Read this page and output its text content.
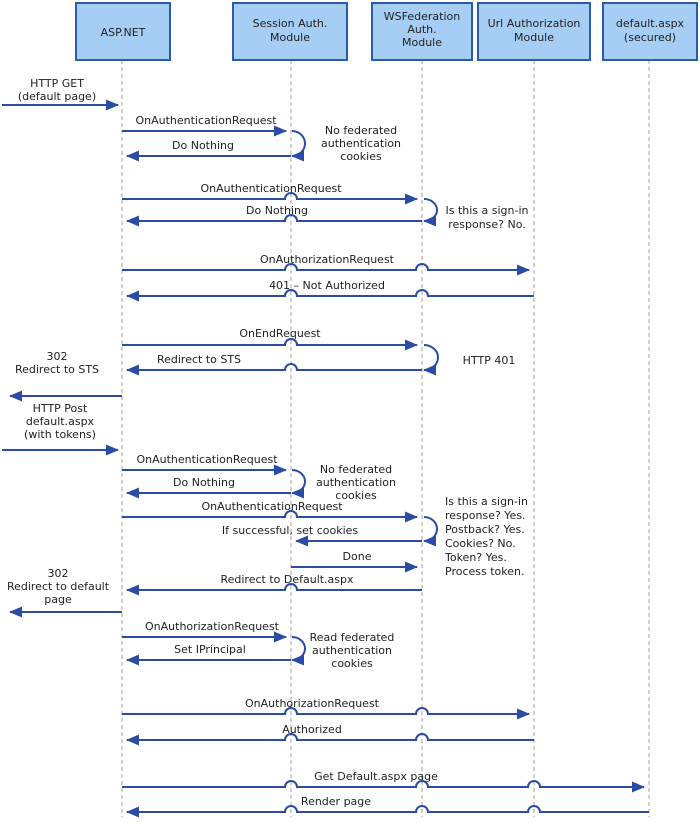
ASP.NET
Session Auth.
Module
WSFederation
Auth.
Module
Url Authorization
Module
default.aspx
(secured)
HTTP GET
(default page)
OnAuthenticationRequest
No federated
authentication
cookies
Do Nothing
OnAuthenticationRequest
Is this a sign-in
response? No.
Do Nothing
OnAuthorizationRequest
401 – Not Authorized
OnEndRequest
HTTP 401
Redirect to STS
302
Redirect to STS
HTTP Post
default.aspx
(with tokens)
OnAuthenticationRequest
No federated
authentication
cookies
Do Nothing
OnAuthenticationRequest	Is this a sign-in
response? Yes.
Postback? Yes.
Cookies? No.
Token? Yes.
Process token.
If successful, set cookies
Done
Redirect to Default.aspx
302
Redirect to default
page
OnAuthorizationRequest
Read federated
authentication
cookies
Set IPrincipal
OnAuthorizationRequest
Authorized
Get Default.aspx page
Render page
